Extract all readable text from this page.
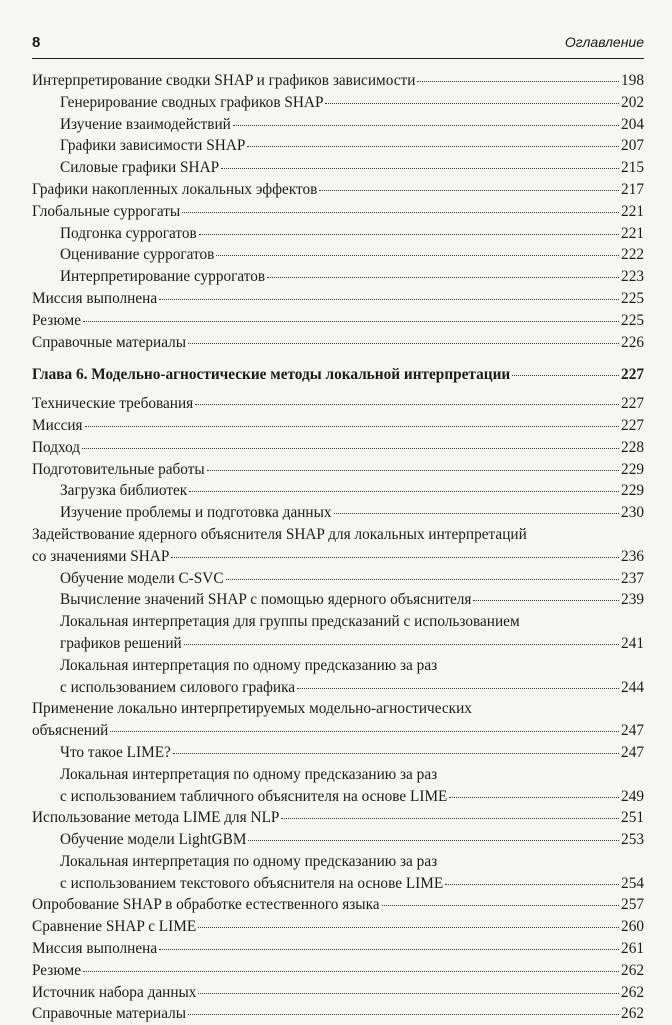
8	Оглавление
Интерпретирование сводки SHAP и графиков зависимости	198
Генерирование сводных графиков SHAP	202
Изучение взаимодействий	204
Графики зависимости SHAP	207
Силовые графики SHAP	215
Графики накопленных локальных эффектов	217
Глобальные суррогаты	221
Подгонка суррогатов	221
Оценивание суррогатов	222
Интерпретирование суррогатов	223
Миссия выполнена	225
Резюме	225
Справочные материалы	226
Глава 6. Модельно-агностические методы локальной интерпретации	227
Технические требования	227
Миссия	227
Подход	228
Подготовительные работы	229
Загрузка библиотек	229
Изучение проблемы и подготовка данных	230
Задействование ядерного объяснителя SHAP для локальных интерпретаций
со значениями SHAP	236
Обучение модели C-SVC	237
Вычисление значений SHAP с помощью ядерного объяснителя	239
Локальная интерпретация для группы предсказаний с использованием
графиков решений	241
Локальная интерпретация по одному предсказанию за раз
с использованием силового графика	244
Применение локально интерпретируемых модельно-агностических
объяснений	247
Что такое LIME?	247
Локальная интерпретация по одному предсказанию за раз
с использованием табличного объяснителя на основе LIME	249
Использование метода LIME для NLP	251
Обучение модели LightGBM	253
Локальная интерпретация по одному предсказанию за раз
с использованием текстового объяснителя на основе LIME	254
Опробование SHAP в обработке естественного языка	257
Сравнение SHAP с LIME	260
Миссия выполнена	261
Резюме	262
Источник набора данных	262
Справочные материалы	262
